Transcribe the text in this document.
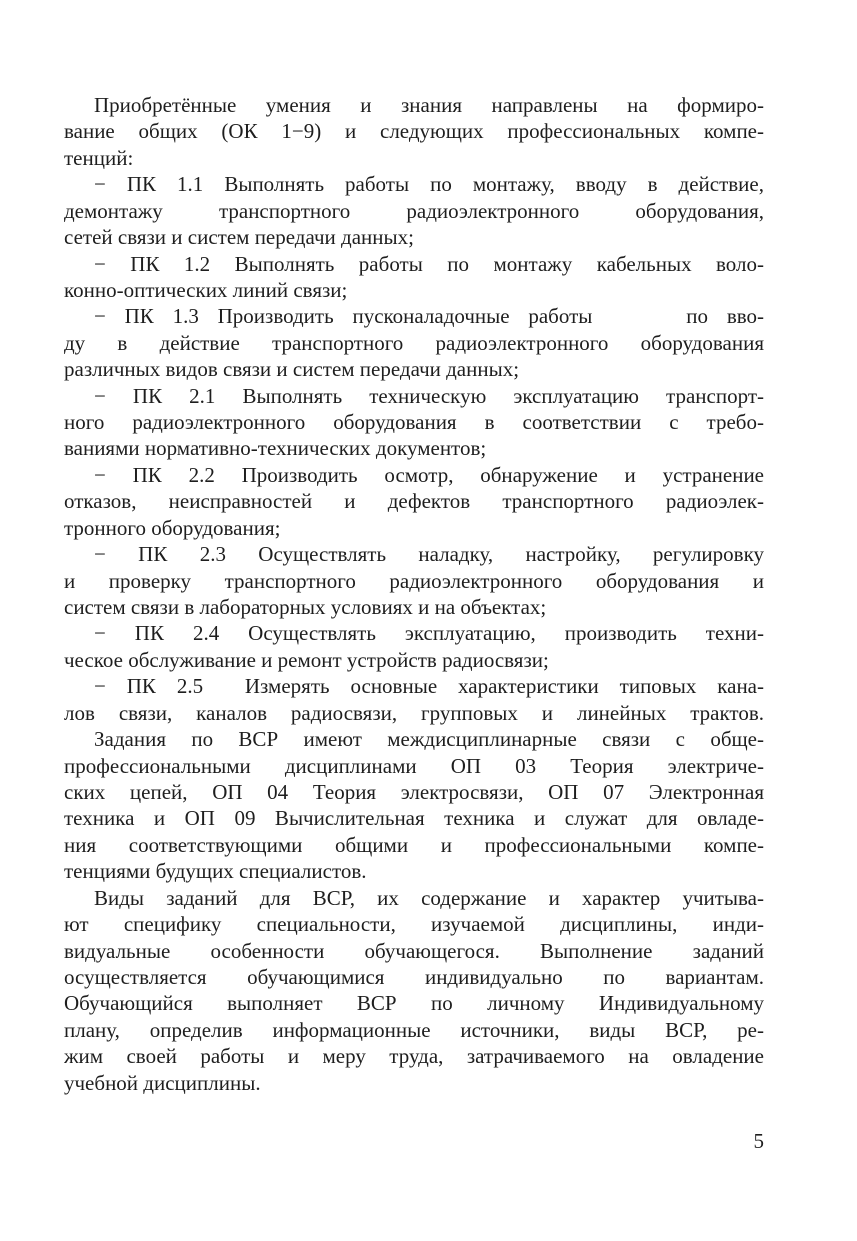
Приобретённые умения и знания направлены на формиро-
вание общих (ОК 1−9) и следующих профессиональных компе-
тенций:
− ПК 1.1 Выполнять работы по монтажу, вводу в действие,
демонтажу транспортного радиоэлектронного оборудования,
сетей связи и систем передачи данных;
− ПК 1.2 Выполнять работы по монтажу кабельных воло-
конно-оптических линий связи;
− ПК 1.3 Производить пусконаладочные работы     по вво-
ду в действие транспортного радиоэлектронного оборудования
различных видов связи и систем передачи данных;
− ПК 2.1 Выполнять техническую эксплуатацию транспорт-
ного радиоэлектронного оборудования в соответствии с требо-
ваниями нормативно-технических документов;
− ПК 2.2 Производить осмотр, обнаружение и устранение
отказов, неисправностей и дефектов транспортного радиоэлек-
тронного оборудования;
− ПК 2.3 Осуществлять наладку, настройку, регулировку
и проверку транспортного радиоэлектронного оборудования и
систем связи в лабораторных условиях и на объектах;
− ПК 2.4 Осуществлять эксплуатацию, производить техни-
ческое обслуживание и ремонт устройств радиосвязи;
− ПК 2.5  Измерять основные характеристики типовых кана-
лов связи, каналов радиосвязи, групповых и линейных трактов.
Задания по ВСР имеют междисциплинарные связи с обще-
профессиональными дисциплинами ОП 03 Теория электриче-
ских цепей, ОП 04 Теория электросвязи, ОП 07 Электронная
техника и ОП 09 Вычислительная техника и служат для овладе-
ния соответствующими общими и профессиональными компе-
тенциями будущих специалистов.
Виды заданий для ВСР, их содержание и характер учитыва-
ют специфику специальности, изучаемой дисциплины, инди-
видуальные особенности обучающегося. Выполнение заданий
осуществляется обучающимися индивидуально по вариантам.
Обучающийся выполняет ВСР по личному Индивидуальному
плану, определив информационные источники, виды ВСР, ре-
жим своей работы и меру труда, затрачиваемого на овладение
учебной дисциплины.
5
